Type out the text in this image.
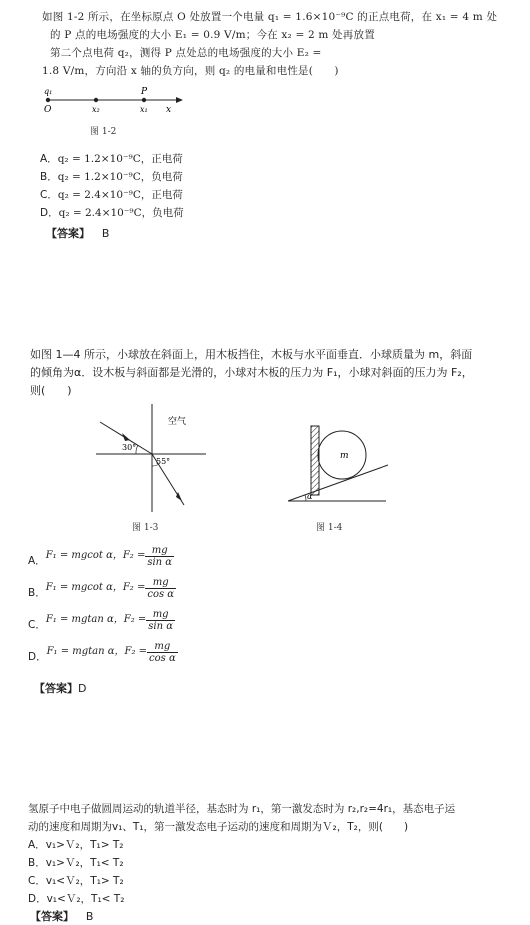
如图 1-2 所示，在坐标原点 O 处放置一个电量 q₁ = 1.6×10⁻⁹C 的正点电荷，在 x₁ = 4 m 处
的 P 点的电场强度的大小 E₁ = 0.9 V/m；今在 x₂ = 2 m 处再放置
第二个点电荷 q₂，测得 P 点处总的电场强度的大小 E₂ =
1.8 V/m，方向沿 x 轴的负方向，则 q₂ 的电量和电性是(　　)
q₁
O	x₂
P
x₁ x
图 1-2
A．q₂ = 1.2×10⁻⁹C，正电荷
B．q₂ = 1.2×10⁻⁹C，负电荷
C．q₂ = 2.4×10⁻⁹C，正电荷
D．q₂ = 2.4×10⁻⁹C，负电荷
【答案】 B
如图 1—4 所示，小球放在斜面上，用木板挡住，木板与水平面垂直．小球质量为 m，斜面
的倾角为α．设木板与斜面都是光滑的，小球对木板的压力为 F₁，小球对斜面的压力为 F₂，
则(　　)
空气
30°
55°
图 1-3
m
α
图 1-4
A． F₁ = mgcot α，$F_2 = \frac{mg}{\text{sin α}}$
B． F₁ = mgcot α，$F_2 = \frac{mg}{\text{cos α}}$
C． F₁ = mgtan α，$F_2 = \frac{mg}{\text{sin α}}$
D． F₁ = mgtan α，$F_2 = \frac{mg}{\text{cos α}}$
【答案】D
氢原子中电子做圆周运动的轨道半径，基态时为 r₁，第一激发态时为 r₂,r₂=4r₁，基态电子运
动的速度和周期为v₁、T₁，第一激发态电子运动的速度和周期为Ｖ₂，T₂，则(　　)
A．v₁>Ｖ₂，T₁> T₂
B．v₁>Ｖ₂，T₁< T₂
C．v₁<Ｖ₂，T₁> T₂
D．v₁<Ｖ₂，T₁< T₂
【答案】 B
